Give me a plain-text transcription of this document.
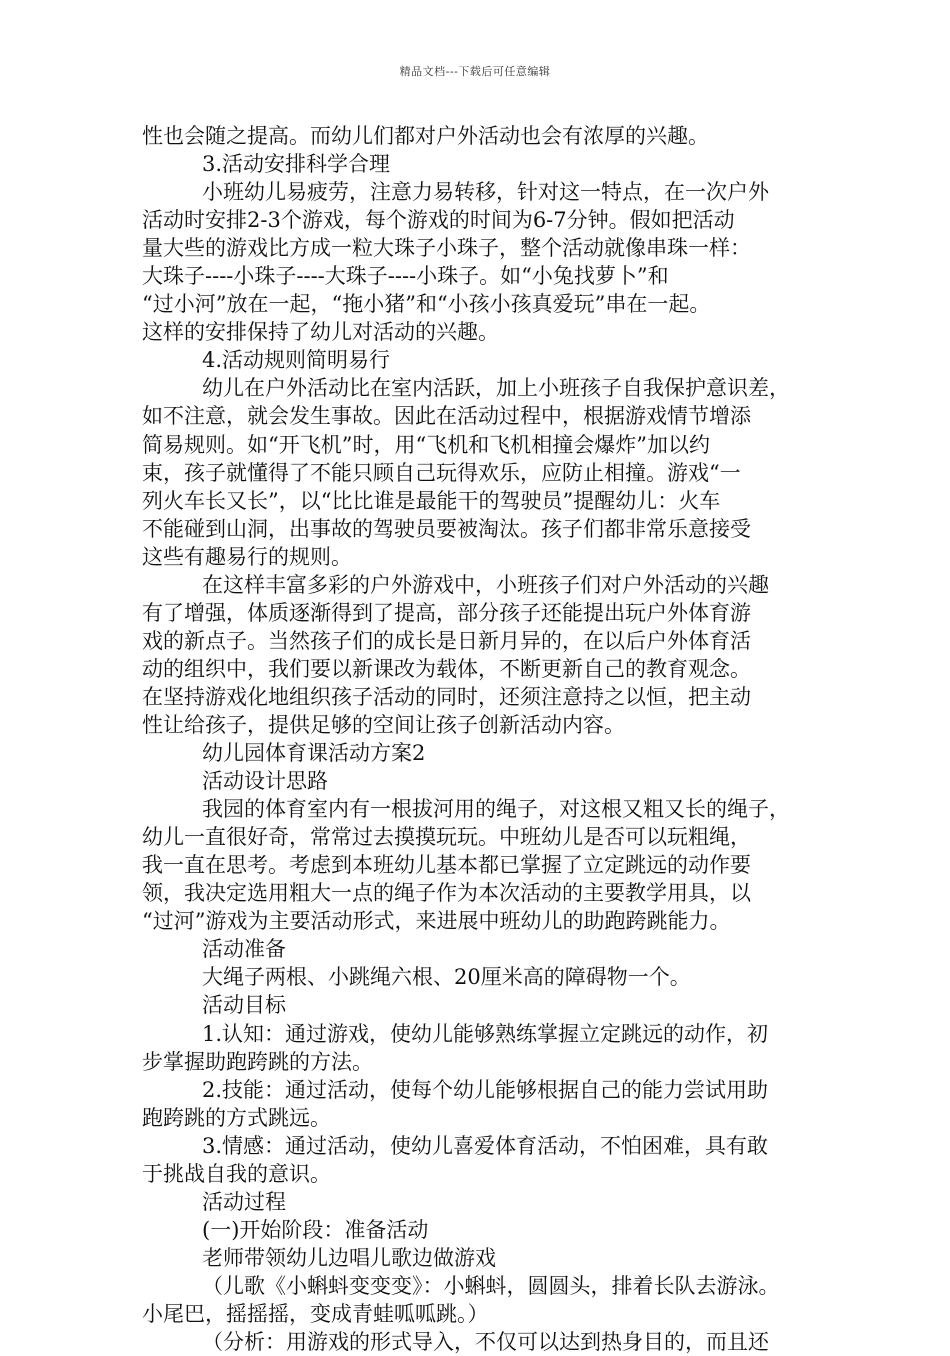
精品文档---下载后可任意编辑
性也会随之提高。而幼儿们都对户外活动也会有浓厚的兴趣。
3.活动安排科学合理
小班幼儿易疲劳，注意力易转移，针对这一特点，在一次户外
活动时安排2-3个游戏，每个游戏的时间为6-7分钟。假如把活动
量大些的游戏比方成一粒大珠子小珠子，整个活动就像串珠一样：
大珠子----小珠子----大珠子----小珠子。如“小兔找萝卜”和
“过小河”放在一起，“拖小猪”和“小孩小孩真爱玩”串在一起。
这样的安排保持了幼儿对活动的兴趣。
4.活动规则简明易行
幼儿在户外活动比在室内活跃，加上小班孩子自我保护意识差，
如不注意，就会发生事故。因此在活动过程中，根据游戏情节增添
简易规则。如“开飞机”时，用“飞机和飞机相撞会爆炸”加以约
束，孩子就懂得了不能只顾自己玩得欢乐，应防止相撞。游戏“一
列火车长又长”，以“比比谁是最能干的驾驶员”提醒幼儿：火车
不能碰到山洞，出事故的驾驶员要被淘汰。孩子们都非常乐意接受
这些有趣易行的规则。
在这样丰富多彩的户外游戏中，小班孩子们对户外活动的兴趣
有了增强，体质逐渐得到了提高，部分孩子还能提出玩户外体育游
戏的新点子。当然孩子们的成长是日新月异的，在以后户外体育活
动的组织中，我们要以新课改为载体，不断更新自己的教育观念。
在坚持游戏化地组织孩子活动的同时，还须注意持之以恒，把主动
性让给孩子，提供足够的空间让孩子创新活动内容。
幼儿园体育课活动方案2
活动设计思路
我园的体育室内有一根拔河用的绳子，对这根又粗又长的绳子，
幼儿一直很好奇，常常过去摸摸玩玩。中班幼儿是否可以玩粗绳，
我一直在思考。考虑到本班幼儿基本都已掌握了立定跳远的动作要
领，我决定选用粗大一点的绳子作为本次活动的主要教学用具，以
“过河”游戏为主要活动形式，来进展中班幼儿的助跑跨跳能力。
活动准备
大绳子两根、小跳绳六根、20厘米高的障碍物一个。
活动目标
1.认知：通过游戏，使幼儿能够熟练掌握立定跳远的动作，初
步掌握助跑跨跳的方法。
2.技能：通过活动，使每个幼儿能够根据自己的能力尝试用助
跑跨跳的方式跳远。
3.情感：通过活动，使幼儿喜爱体育活动，不怕困难，具有敢
于挑战自我的意识。
活动过程
(一)开始阶段：准备活动
老师带领幼儿边唱儿歌边做游戏
（儿歌《小蝌蚪变变变》：小蝌蚪，圆圆头，排着长队去游泳。
小尾巴，摇摇摇，变成青蛙呱呱跳。）
（分析：用游戏的形式导入，不仅可以达到热身目的，而且还
